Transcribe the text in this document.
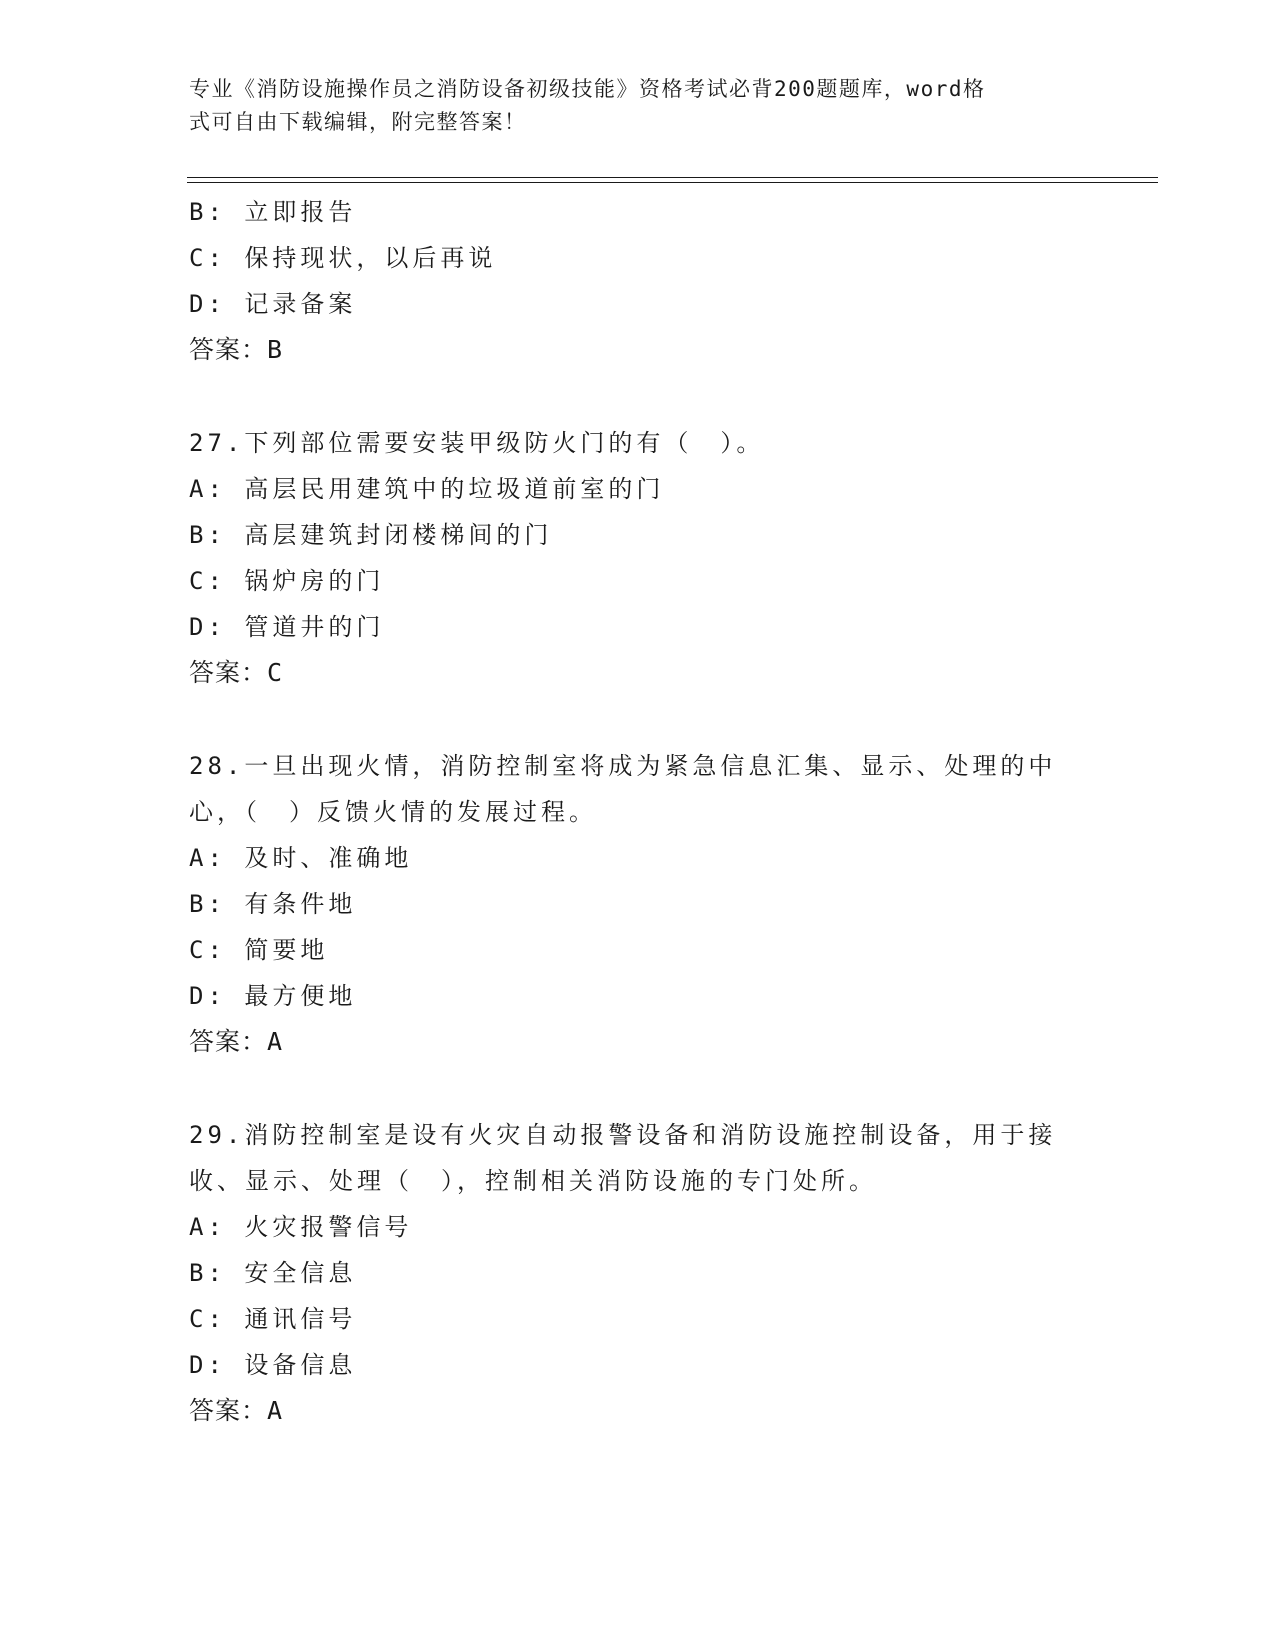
专业《消防设施操作员之消防设备初级技能》资格考试必背200题题库，word格
式可自由下载编辑，附完整答案！
B: 立即报告
C: 保持现状，以后再说
D: 记录备案
答案：B
27.下列部位需要安装甲级防火门的有（　）。
A: 高层民用建筑中的垃圾道前室的门
B: 高层建筑封闭楼梯间的门
C: 锅炉房的门
D: 管道井的门
答案：C
28.一旦出现火情，消防控制室将成为紧急信息汇集、显示、处理的中
心，（　）反馈火情的发展过程。
A: 及时、准确地
B: 有条件地
C: 简要地
D: 最方便地
答案：A
29.消防控制室是设有火灾自动报警设备和消防设施控制设备，用于接
收、显示、处理（　），控制相关消防设施的专门处所。
A: 火灾报警信号
B: 安全信息
C: 通讯信号
D: 设备信息
答案：A
